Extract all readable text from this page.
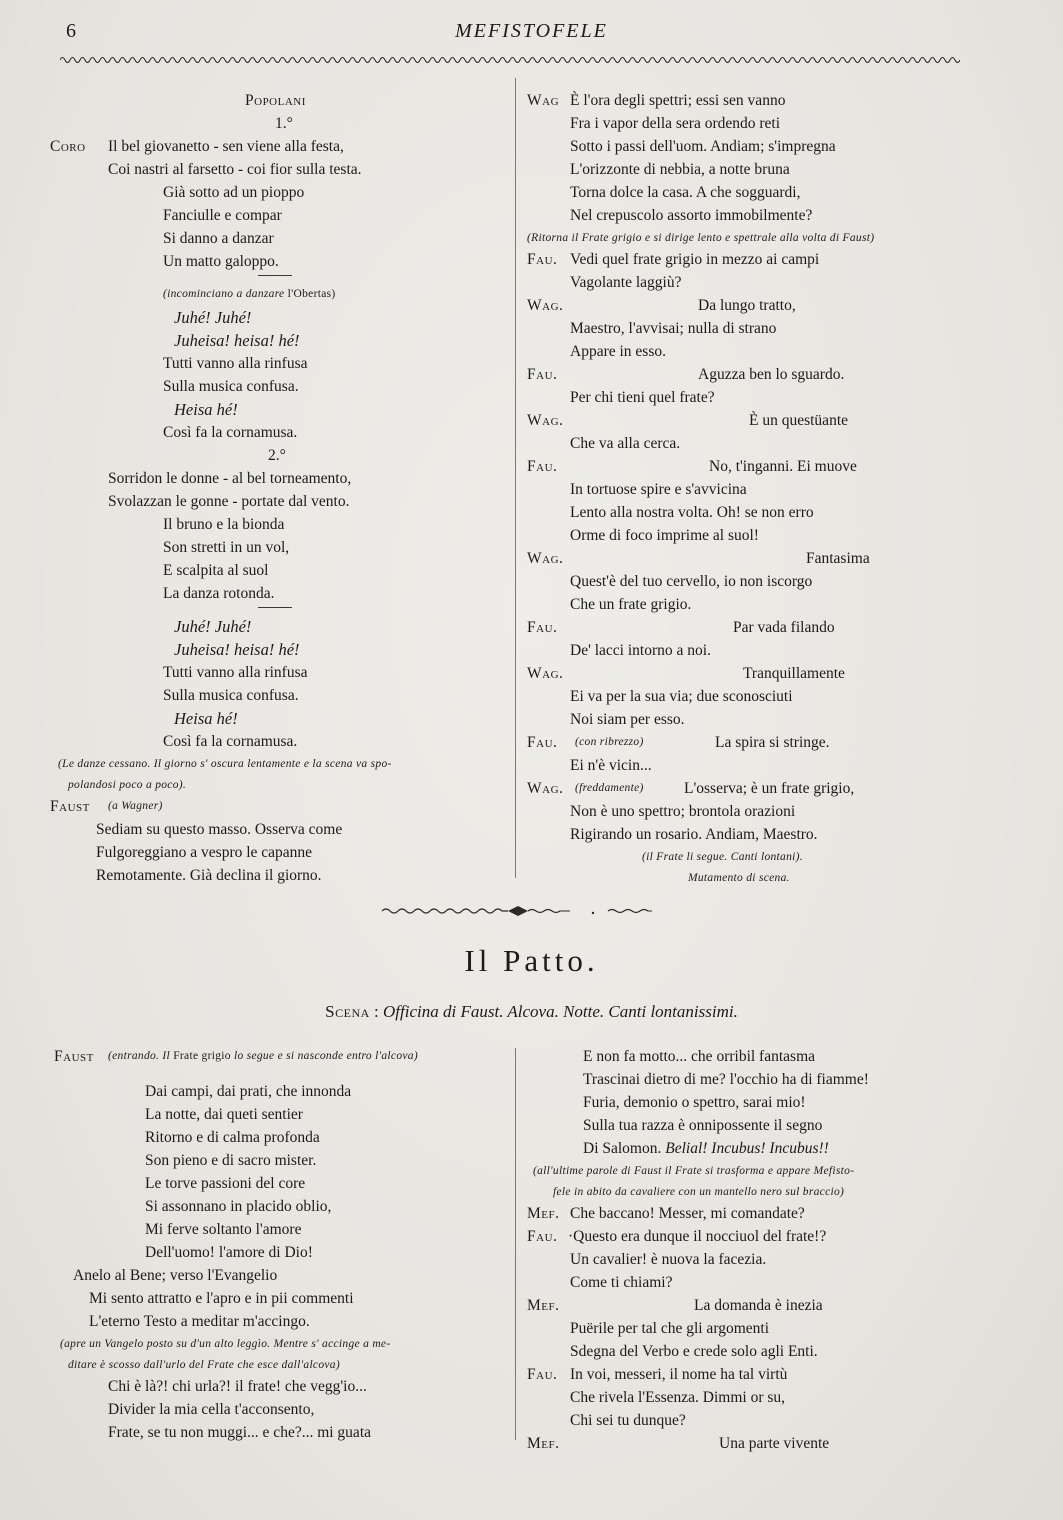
6	MEFISTOFELE
Popolani
1.°
Coro Il bel giovanetto - sen viene alla festa,
Coi nastri al farsetto - coi fior sulla testa.
Già sotto ad un pioppo
Fanciulle e compar
Si danno a danzar
Un matto galoppo.
(incominciano a danzare l'Obertas)
Juhé! Juhé!
Juheisa! heisa! hé!
Tutti vanno alla rinfusa
Sulla musica confusa.
Heisa hé!
Così fa la cornamusa.
2.°
Sorridon le donne - al bel torneamento,
Svolazzan le gonne - portate dal vento.
Il bruno e la bionda
Son stretti in un vol,
E scalpita al suol
La danza rotonda.
Juhé! Juhé!
Juheisa! heisa! hé!
Tutti vanno alla rinfusa
Sulla musica confusa.
Heisa hé!
Così fa la cornamusa.
(Le danze cessano. Il giorno s' oscura lentamente e la scena va spo-
polandosi poco a poco).
Faust (a Wagner)
Sediam su questo masso. Osserva come
Fulgoreggiano a vespro le capanne
Remotamente. Già declina il giorno.
Wag È l'ora degli spettri; essi sen vanno
Fra i vapor della sera ordendo reti
Sotto i passi dell'uom. Andiam; s'impregna
L'orizzonte di nebbia, a notte bruna
Torna dolce la casa. A che sogguardi,
Nel crepuscolo assorto immobilmente?
(Ritorna il Frate grigio e si dirige lento e spettrale alla volta di Faust)
Fau. Vedi quel frate grigio in mezzo ai campi
Vagolante laggiù?
Wag.	Da lungo tratto,
Maestro, l'avvisai; nulla di strano
Appare in esso.
Fau.	Aguzza ben lo sguardo.
Per chi tieni quel frate?
Wag.	È un questüante
Che va alla cerca.
Fau.	No, t'inganni. Ei muove
In tortuose spire e s'avvicina
Lento alla nostra volta. Oh! se non erro
Orme di foco imprime al suol!
Wag.	Fantasima
Quest'è del tuo cervello, io non iscorgo
Che un frate grigio.
Fau.	Par vada filando
De' lacci intorno a noi.
Wag.	Tranquillamente
Ei va per la sua via; due sconosciuti
Noi siam per esso.
Fau. (con ribrezzo)	La spira si stringe.
Ei n'è vicin...
Wag. (freddamente)	L'osserva; è un frate grigio,
Non è uno spettro; brontola orazioni
Rigirando un rosario. Andiam, Maestro.
(il Frate li segue. Canti lontani).
Mutamento di scena.
Il Patto.
Scena : Officina di Faust. Alcova. Notte. Canti lontanissimi.
Faust (entrando. Il Frate grigio lo segue e si nasconde entro l'alcova)
Dai campi, dai prati, che innonda
La notte, dai queti sentier
Ritorno e di calma profonda
Son pieno e di sacro mister.
Le torve passioni del core
Si assonnano in placido oblio,
Mi ferve soltanto l'amore
Dell'uomo! l'amore di Dio!
Anelo al Bene; verso l'Evangelio
Mi sento attratto e l'apro e in pii commenti
L'eterno Testo a meditar m'accingo.
(apre un Vangelo posto su d'un alto leggìo. Mentre s' accinge a me-
ditare è scosso dall'urlo del Frate che esce dall'alcova)
Chi è là?! chi urla?! il frate! che vegg'io...
Divider la mia cella t'acconsento,
Frate, se tu non muggi... e che?... mi guata
E non fa motto... che orribil fantasma
Trascinai dietro di me? l'occhio ha di fiamme!
Furia, demonio o spettro, sarai mio!
Sulla tua razza è onnipossente il segno
Di Salomon. Belial! Incubus! Incubus!!
(all'ultime parole di Faust il Frate si trasforma e appare Mefisto-
fele in abito da cavaliere con un mantello nero sul braccio)
Mef. Che baccano! Messer, mi comandate?
Fau. ·Questo era dunque il nocciuol del frate!?
Un cavalier! è nuova la facezia.
Come ti chiami?
Mef.	La domanda è inezia
Puërile per tal che gli argomenti
Sdegna del Verbo e crede solo agli Enti.
Fau. In voi, messeri, il nome ha tal virtù
Che rivela l'Essenza. Dimmi or su,
Chi sei tu dunque?
Mef.	Una parte vivente
